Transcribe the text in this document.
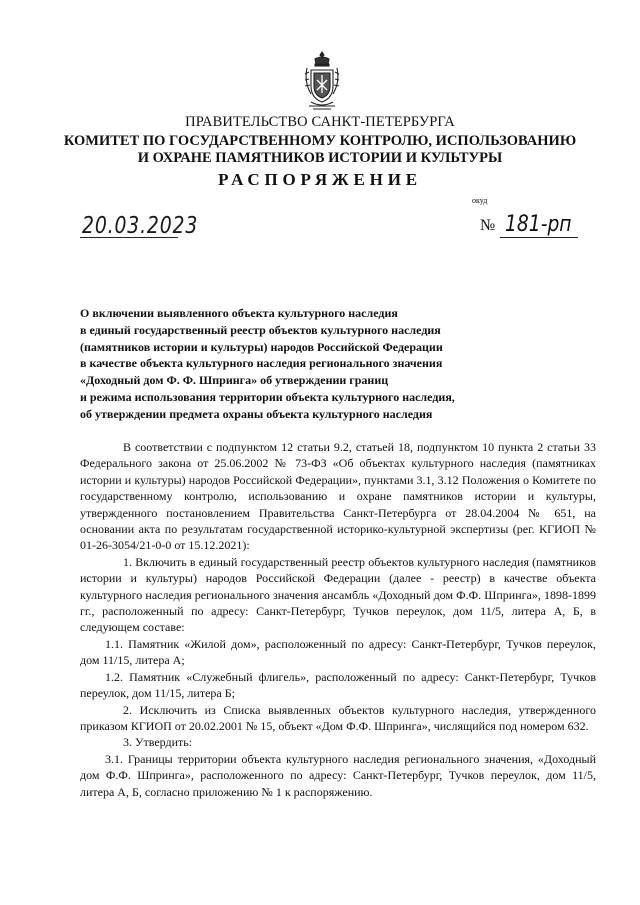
ПРАВИТЕЛЬСТВО САНКТ-ПЕТЕРБУРГА
КОМИТЕТ ПО ГОСУДАРСТВЕННОМУ КОНТРОЛЮ, ИСПОЛЬЗОВАНИЮ
И ОХРАНЕ ПАМЯТНИКОВ ИСТОРИИ И КУЛЬТУРЫ
РАСПОРЯЖЕНИЕ
окуд
20.03.2023	№ 181-рп
О включении выявленного объекта культурного наследия
в единый государственный реестр объектов культурного наследия
(памятников истории и культуры) народов Российской Федерации
в качестве объекта культурного наследия регионального значения
«Доходный дом Ф. Ф. Шпринга» об утверждении границ
и режима использования территории объекта культурного наследия,
об утверждении предмета охраны объекта культурного наследия

В соответствии с подпунктом 12 статьи 9.2, статьей 18, подпунктом 10 пункта 2 статьи 33 Федерального закона от 25.06.2002 № 73-ФЗ «Об объектах культурного наследия (памятниках истории и культуры) народов Российской Федерации», пунктами 3.1, 3.12 Положения о Комитете по государственному контролю, использованию и охране памятников истории и культуры, утвержденного постановлением Правительства Санкт-Петербурга от 28.04.2004 № 651, на основании акта по результатам государственной историко-культурной экспертизы (рег. КГИОП № 01-26-3054/21-0-0 от 15.12.2021):

1. Включить в единый государственный реестр объектов культурного наследия (памятников истории и культуры) народов Российской Федерации (далее - реестр) в качестве объекта культурного наследия регионального значения ансамбль «Доходный дом Ф.Ф. Шпринга», 1898-1899 гг., расположенный по адресу: Санкт-Петербург, Тучков переулок, дом 11/5, литера А, Б, в следующем составе:

1.1. Памятник «Жилой дом», расположенный по адресу: Санкт-Петербург, Тучков переулок, дом 11/15, литера А;

1.2. Памятник «Служебный флигель», расположенный по адресу: Санкт-Петербург, Тучков переулок, дом 11/15, литера Б;

2. Исключить из Списка выявленных объектов культурного наследия, утвержденного приказом КГИОП от 20.02.2001 № 15, объект «Дом Ф.Ф. Шпринга», числящийся под номером 632.

3. Утвердить:

3.1. Границы территории объекта культурного наследия регионального значения, «Доходный дом Ф.Ф. Шпринга», расположенного по адресу: Санкт-Петербург, Тучков переулок, дом 11/5, литера А, Б, согласно приложению № 1 к распоряжению.
